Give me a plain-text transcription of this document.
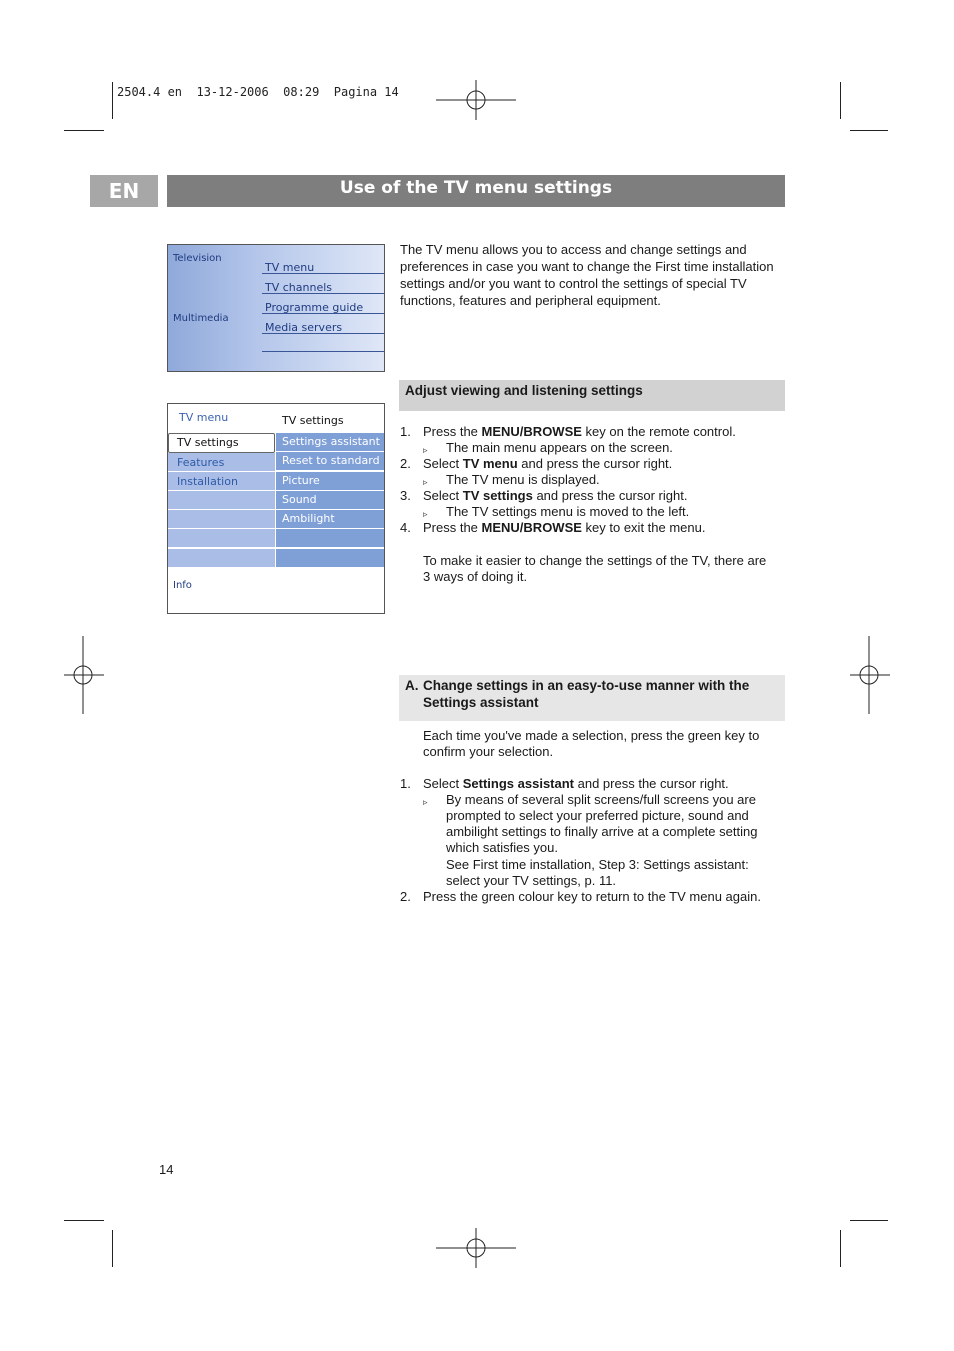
2504.4 en  13-12-2006  08:29  Pagina 14
EN	Use of the TV menu settings
Television
Multimedia
TV menu
TV channels
Programme guide
Media servers
TV menu	TV settings
TV settings
Features
Installation
Settings assistant
Reset to standard
Picture
Sound
Ambilight
Info
The TV menu allows you to access and change settings and preferences in case you want to change the First time installation settings and/or you want to control the settings of special TV functions, features and peripheral equipment.
Adjust viewing and listening settings
1. Press the MENU/BROWSE key on the remote control.
▹ The main menu appears on the screen.
2. Select TV menu and press the cursor right.
▹ The TV menu is displayed.
3. Select TV settings and press the cursor right.
▹ The TV settings menu is moved to the left.
4. Press the MENU/BROWSE key to exit the menu.
To make it easier to change the settings of the TV, there are
3 ways of doing it.
A. Change settings in an easy-to-use manner with the
Settings assistant
Each time you've made a selection, press the green key to
confirm your selection.
1. Select Settings assistant and press the cursor right.
▹ By means of several split screens/full screens you are
prompted to select your preferred picture, sound and
ambilight settings to finally arrive at a complete setting
which satisfies you.
See First time installation, Step 3: Settings assistant:
select your TV settings, p. 11.
2. Press the green colour key to return to the TV menu again.
14
